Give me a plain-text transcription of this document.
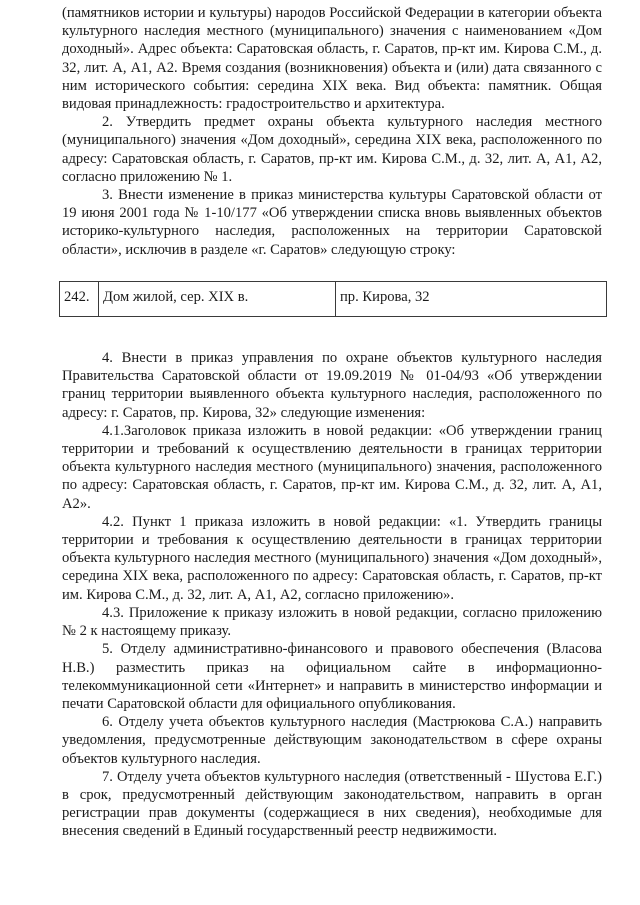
(памятников истории и культуры) народов Российской Федерации в категории объекта культурного наследия местного (муниципального) значения с наименованием «Дом доходный». Адрес объекта: Саратовская область, г. Саратов, пр-кт им. Кирова С.М., д. 32, лит. А, А1, А2. Время создания (возникновения) объекта и (или) дата связанного с ним исторического события: середина XIX века. Вид объекта: памятник. Общая видовая принадлежность: градостроительство и архитектура.

2. Утвердить предмет охраны объекта культурного наследия местного (муниципального) значения «Дом доходный», середина XIX века, расположенного по адресу: Саратовская область, г. Саратов, пр-кт им. Кирова С.М., д. 32, лит. А, А1, А2, согласно приложению № 1.

3. Внести изменение в приказ министерства культуры Саратовской области от 19 июня 2001 года № 1-10/177 «Об утверждении списка вновь выявленных объектов историко-культурного наследия, расположенных на территории Саратовской области», исключив в разделе «г. Саратов» следующую строку:

242.	Дом жилой, сер. XIX в.	пр. Кирова, 32

4. Внести в приказ управления по охране объектов культурного наследия Правительства Саратовской области от 19.09.2019 № 01-04/93 «Об утверждении границ территории выявленного объекта культурного наследия, расположенного по адресу: г. Саратов, пр. Кирова, 32» следующие изменения:

4.1.Заголовок приказа изложить в новой редакции: «Об утверждении границ территории и требований к осуществлению деятельности в границах территории объекта культурного наследия местного (муниципального) значения, расположенного по адресу: Саратовская область, г. Саратов, пр-кт им. Кирова С.М., д. 32, лит. А, А1, А2».

4.2. Пункт 1 приказа изложить в новой редакции: «1. Утвердить границы территории и требования к осуществлению деятельности в границах территории объекта культурного наследия местного (муниципального) значения «Дом доходный», середина XIX века, расположенного по адресу: Саратовская область, г. Саратов, пр-кт им. Кирова С.М., д. 32, лит. А, А1, А2, согласно приложению».

4.3. Приложение к приказу изложить в новой редакции, согласно приложению № 2 к настоящему приказу.

5. Отделу административно-финансового и правового обеспечения (Власова Н.В.) разместить приказ на официальном сайте в информационно-телекоммуникационной сети «Интернет» и направить в министерство информации и печати Саратовской области для официального опубликования.

6. Отделу учета объектов культурного наследия (Мастрюкова С.А.) направить уведомления, предусмотренные действующим законодательством в сфере охраны объектов культурного наследия.

7. Отделу учета объектов культурного наследия (ответственный - Шустова Е.Г.) в срок, предусмотренный действующим законодательством, направить в орган регистрации прав документы (содержащиеся в них сведения), необходимые для внесения сведений в Единый государственный реестр недвижимости.
